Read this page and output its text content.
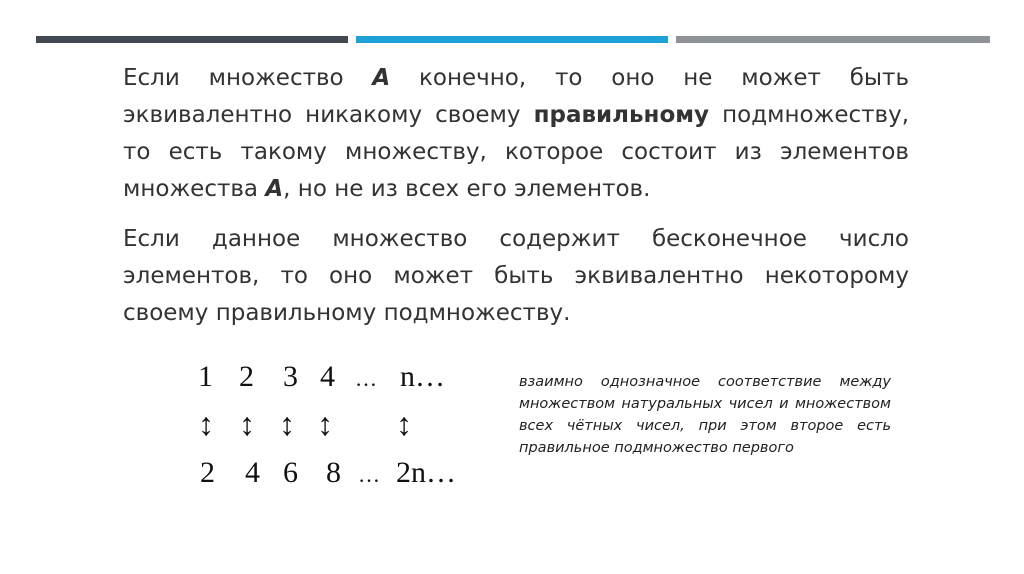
Если множество A конечно, то оно не может быть эквивалентно никакому своему правильному подмножеству, то есть такому множеству, которое состоит из элементов множества A, но не из всех его элементов.
Если данное множество содержит бесконечное число элементов, то оно может быть эквивалентно некоторому своему правильному подмножеству.
1 2 3 4 … n…
↕ ↕ ↕ ↕ ↕
2 4 6 8 … 2n…
взаимно однозначное соответствие между множеством натуральных чисел и множеством всех чётных чисел, при этом второе есть правильное подмножество первого
